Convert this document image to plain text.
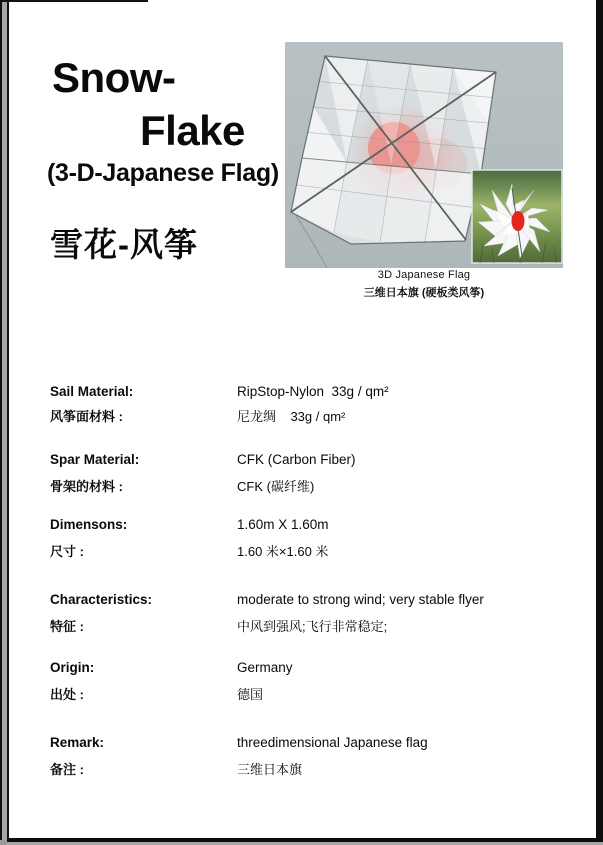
Snow-
Flake
(3-D-Japanese Flag)
雪花-风筝
3D Japanese Flag
三维日本旗 (硬板类风筝)
Sail Material:	RipStop-Nylon  33g / qm²
风筝面材料 :	尼龙绸    33g / qm²
Spar Material:	CFK (Carbon Fiber)
骨架的材料 :	CFK (碳纤维)
Dimensons:	1.60m X 1.60m
尺寸 :	1.60 米×1.60 米
Characteristics:	moderate to strong wind; very stable flyer
特征 :	中风到强风;飞行非常稳定;
Origin:	Germany
出处 :	德国
Remark:	threedimensional Japanese flag
备注 :	三维日本旗
